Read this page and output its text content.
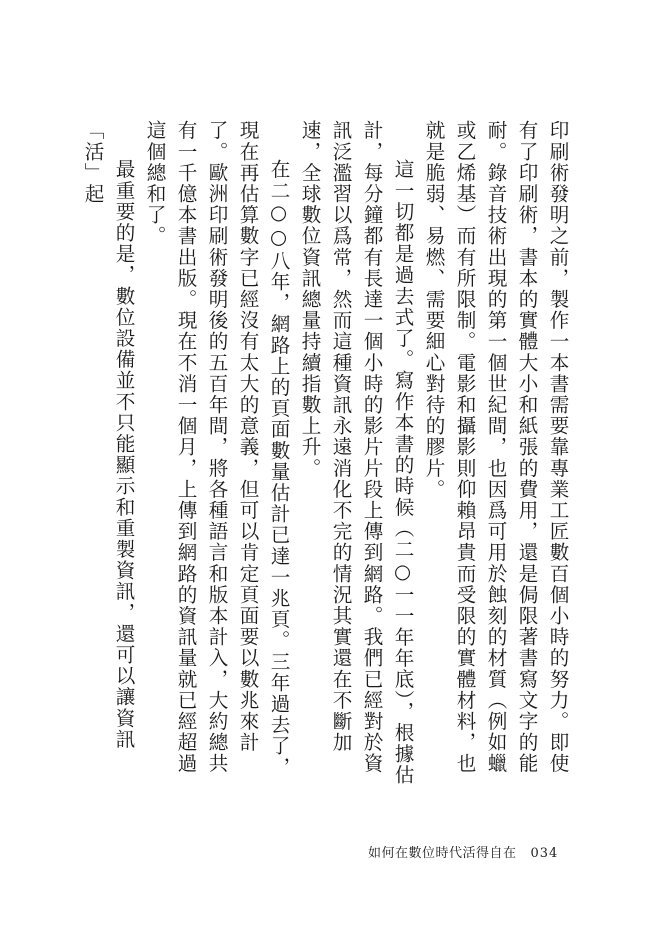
印刷術發明之前，製作一本書需要靠專業工匠數百個小時的努力。即使有了印刷術，書本的實體大小和紙張的費用，還是侷限著書寫文字的能耐。錄音技術出現的第一個世紀間，也因爲可用於蝕刻的材質（例如蠟或乙烯基）而有所限制。電影和攝影則仰賴昂貴而受限的實體材料，也就是脆弱、易燃、需要細心對待的膠片。

這一切都是過去式了。寫作本書的時候（二○一一年年底），根據估計，每分鐘都有長達一個小時的影片片段上傳到網路。我們已經對於資訊泛濫習以爲常，然而這種資訊永遠消化不完的情況其實還在不斷加速，全球數位資訊總量持續指數上升。

在二○○八年，網路上的頁面數量估計已達一兆頁。三年過去了，現在再估算數字已經沒有太大的意義，但可以肯定頁面要以數兆來計了。歐洲印刷術發明後的五百年間，將各種語言和版本計入，大約總共有一千億本書出版。現在不消一個月，上傳到網路的資訊量就已經超過這個總和了。

最重要的是，數位設備並不只能顯示和重製資訊，還可以讓資訊「活」起

如何在數位時代活得自在 034
